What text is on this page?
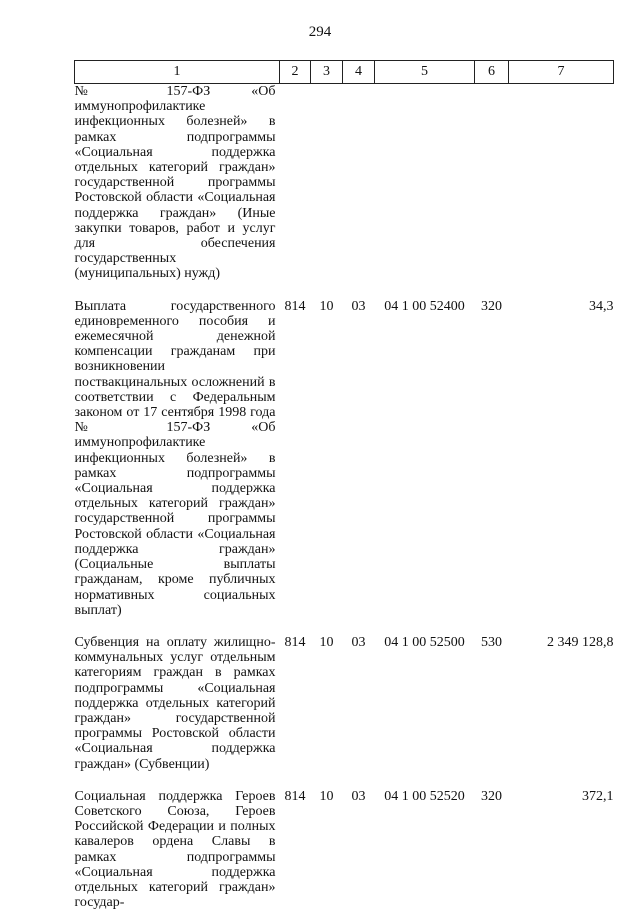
294
1	2	3	4	5	6	7
№ 157-ФЗ «Об иммунопрофилактике инфекционных болезней» в рамках подпрограммы «Социальная поддержка отдельных категорий граждан» государственной программы Ростовской области «Социальная поддержка граждан» (Иные закупки товаров, работ и услуг для обеспечения государственных (муниципальных) нужд)						

Выплата государственного единовременного пособия и ежемесячной денежной компенсации гражданам при возникновении поствакцинальных осложнений в соответствии с Федеральным законом от 17 сентября 1998 года № 157-ФЗ «Об иммунопрофилактике инфекционных болезней» в рамках подпрограммы «Социальная поддержка отдельных категорий граждан» государственной программы Ростовской области «Социальная поддержка граждан» (Социальные выплаты гражданам, кроме публичных нормативных социальных выплат)	814	10	03	04 1 00 52400	320	34,3

Субвенция на оплату жилищно-коммунальных услуг отдельным категориям граждан в рамках подпрограммы «Социальная поддержка отдельных категорий граждан» государственной программы Ростовской области «Социальная поддержка граждан» (Субвенции)	814	10	03	04 1 00 52500	530	2 349 128,8

Социальная поддержка Героев Советского Союза, Героев Российской Федерации и полных кавалеров ордена Славы в рамках подпрограммы «Социальная поддержка отдельных категорий граждан» государ-	814	10	03	04 1 00 52520	320	372,1
